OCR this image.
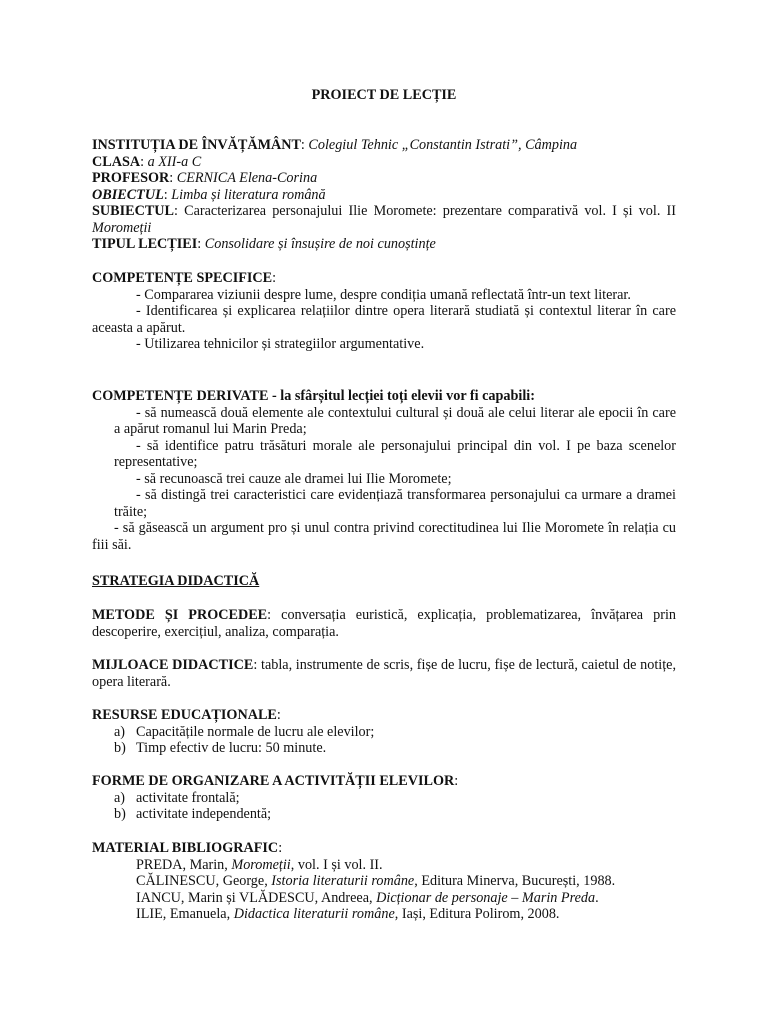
PROIECT DE LECȚIE
INSTITUȚIA DE ÎNVĂȚĂMÂNT: Colegiul Tehnic „Constantin Istrati”, Câmpina
CLASA: a XII-a C
PROFESOR: CERNICA Elena-Corina
OBIECTUL: Limba și literatura română
SUBIECTUL: Caracterizarea personajului Ilie Moromete: prezentare comparativă vol. I și vol. II Moromeții
TIPUL LECȚIEI: Consolidare și însușire de noi cunoștințe
COMPETENȚE SPECIFICE:
- Compararea viziunii despre lume, despre condiția umană reflectată într-un text literar.
- Identificarea și explicarea relațiilor dintre opera literară studiată și contextul literar în care aceasta a apărut.
- Utilizarea tehnicilor și strategiilor argumentative.
COMPETENȚE DERIVATE - la sfârșitul lecției toți elevii vor fi capabili:
- să numească două elemente ale contextului cultural și două ale celui literar ale epocii în care a apărut romanul lui Marin Preda;
- să identifice patru trăsături morale ale personajului principal din vol. I pe baza scenelor representative;
- să recunoască trei cauze ale dramei lui Ilie Moromete;
- să distingă trei caracteristici care evidențiază transformarea personajului ca urmare a dramei trăite;
- să găsească un argument pro și unul contra privind corectitudinea lui Ilie Moromete în relația cu fiii săi.
STRATEGIA DIDACTICĂ
METODE ȘI PROCEDEE: conversația euristică, explicația, problematizarea, învățarea prin descoperire, exercițiul, analiza, comparația.
MIJLOACE DIDACTICE: tabla, instrumente de scris, fișe de lucru, fișe de lectură, caietul de notițe, opera literară.
RESURSE EDUCAȚIONALE:
a) Capacitățile normale de lucru ale elevilor;
b) Timp efectiv de lucru: 50 minute.
FORME DE ORGANIZARE A ACTIVITĂȚII ELEVILOR:
a) activitate frontală;
b) activitate independentă;
MATERIAL BIBLIOGRAFIC:
PREDA, Marin, Moromeții, vol. I și vol. II.
CĂLINESCU, George, Istoria literaturii române, Editura Minerva, București, 1988.
IANCU, Marin și VLĂDESCU, Andreea, Dicționar de personaje – Marin Preda.
ILIE, Emanuela, Didactica literaturii române, Iași, Editura Polirom, 2008.
